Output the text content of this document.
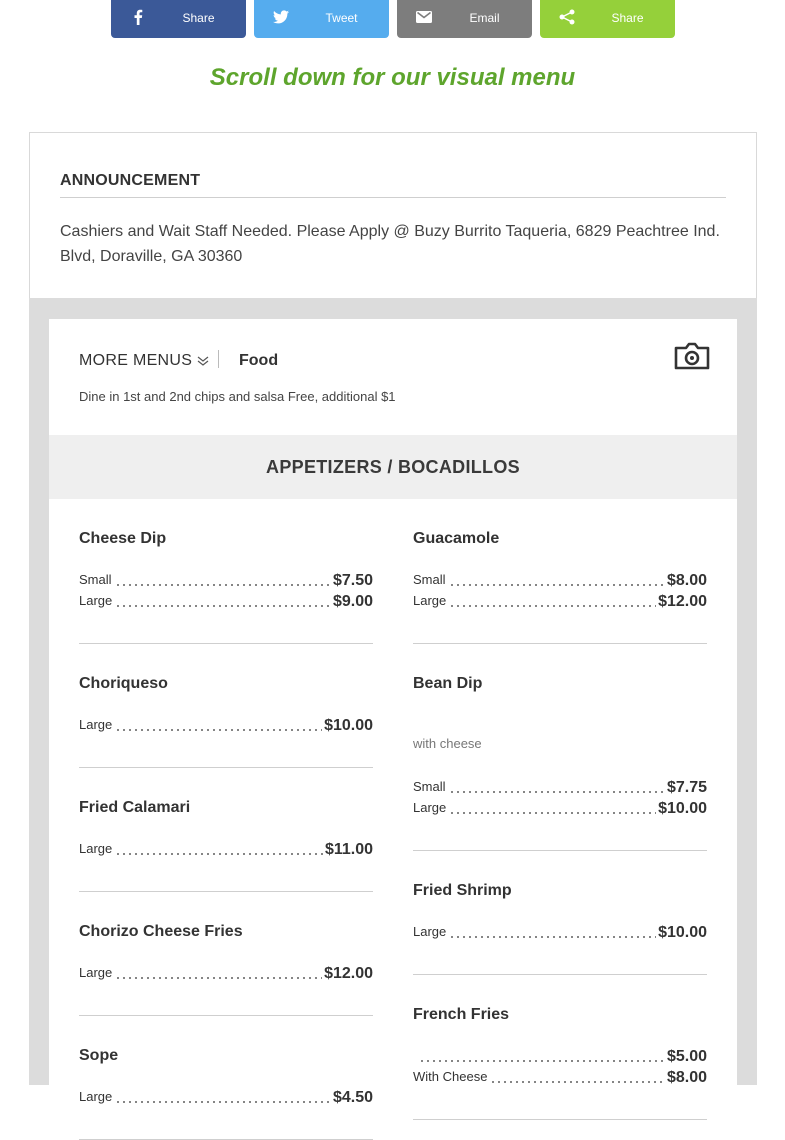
Share	Tweet	Email	Share
Scroll down for our visual menu
ANNOUNCEMENT
Cashiers and Wait Staff Needed. Please Apply @ Buzy Burrito Taqueria, 6829 Peachtree Ind. Blvd, Doraville, GA 30360
MORE MENUS	Food
Dine in 1st and 2nd chips and salsa Free, additional $1
APPETIZERS / BOCADILLOS
Cheese Dip
Small	$7.50
Large	$9.00
Choriqueso
Large	$10.00
Fried Calamari
Large	$11.00
Chorizo Cheese Fries
Large	$12.00
Sope
Large	$4.50
Guacamole
Small	$8.00
Large	$12.00
Bean Dip
with cheese
Small	$7.75
Large	$10.00
Fried Shrimp
Large	$10.00
French Fries
$5.00
With Cheese	$8.00
